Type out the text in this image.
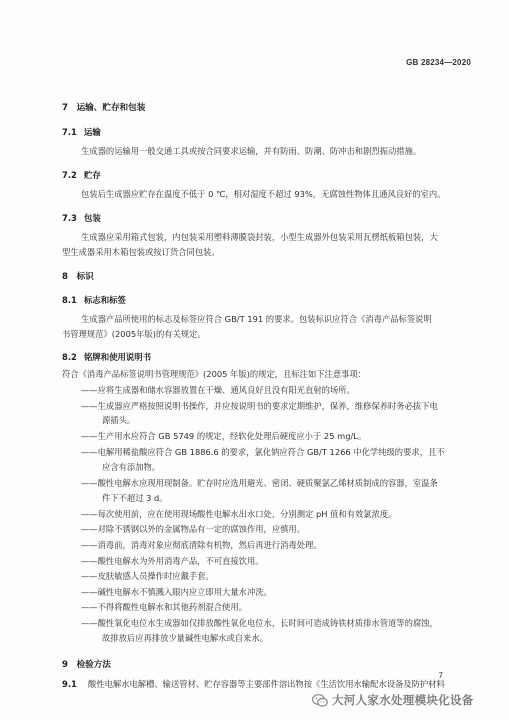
GB 28234—2020
7　运输、贮存和包装
7.1 运输
生成器的运输用一般交通工具或按合同要求运输，并有防雨、防潮、防冲击和剧烈振动措施。
7.2 贮存
包装后生成器应贮存在温度不低于 0 ℃，相对湿度不超过 93%，无腐蚀性物体且通风良好的室内。
7.3 包装
生成器应采用箱式包装，内包装采用塑料薄膜袋封装，小型生成器外包装采用瓦楞纸板箱包装，大
型生成器采用木箱包装或按订货合同包装。
8　标识
8.1 标志和标签
生成器产品所使用的标志及标签应符合 GB/T 191 的要求。包装标识应符合《消毒产品标签说明
书管理规范》(2005年版)的有关规定。
8.2 铭牌和使用说明书
符合《消毒产品标签说明书管理规范》(2005 年版)的规定，且标注如下注意事项：
——应将生成器和储水容器放置在干燥、通风良好且没有阳光直射的场所。
——生成器应严格按照说明书操作，并应按说明书的要求定期维护，保养，维修保养时务必拔下电
源插头。
——生产用水应符合 GB 5749 的规定，经软化处理后硬度应小于 25 mg/L。
——电解用稀盐酸应符合 GB 1886.6 的要求，氯化钠应符合 GB/T 1266 中化学纯级的要求，且不
应含有添加物。
——酸性电解水应现用现制备。贮存时应选用避光、密闭、硬质聚氯乙烯材质制成的容器，室温条
件下不超过 3 d。
——每次使用前，应在使用现场酸性电解水出水口处，分别测定 pH 值和有效氯浓度。
——对除不锈钢以外的金属物品有一定的腐蚀作用，应慎用。
——消毒前，消毒对象应彻底清除有机物，然后再进行消毒处理。
——酸性电解水为外用消毒产品，不可直接饮用。
——皮肤敏感人员操作时应戴手套。
——碱性电解水不慎溅入眼内应立即用大量水冲洗。
——不得将酸性电解水和其他药剂混合使用。
——酸性氧化电位水生成器如仅排放酸性氧化电位水，长时间可造成铸铁材质排水管道等的腐蚀，
故排放后应再排放少量碱性电解水或自来水。
9　检验方法
9.1 酸性电解水电解槽、输送管材、贮存容器等主要部件溶出物按《生活饮用水输配水设备及防护材料
7
大河人家水处理模块化设备
